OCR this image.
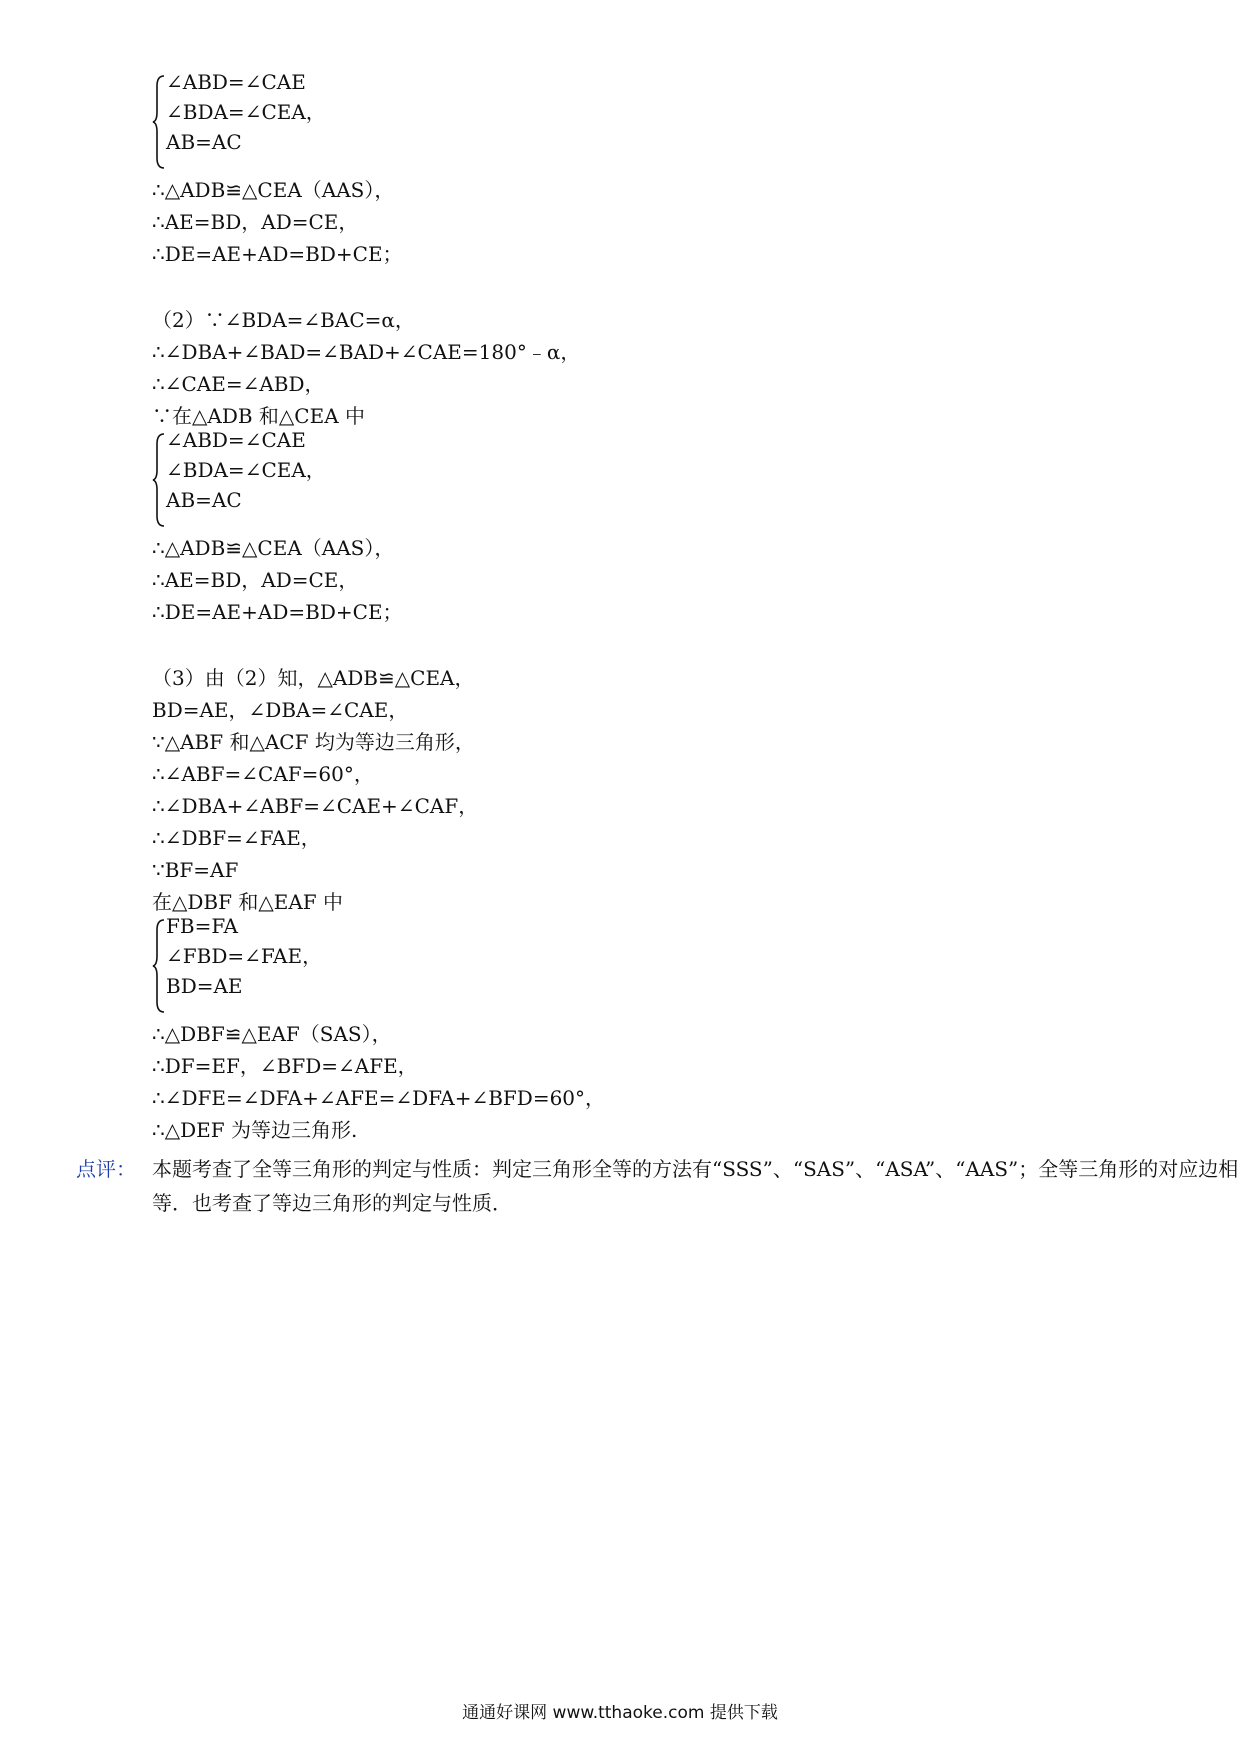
∠ABD=∠CAE
∠BDA=∠CEA，
AB=AC
∴△ADB≌△CEA（AAS），
∴AE=BD，AD=CE，
∴DE=AE+AD=BD+CE；
（2）∵∠BDA=∠BAC=α，
∴∠DBA+∠BAD=∠BAD+∠CAE=180°﹣α，
∴∠CAE=∠ABD，
∵在△ADB 和△CEA 中
∠ABD=∠CAE
∠BDA=∠CEA，
AB=AC
∴△ADB≌△CEA（AAS），
∴AE=BD，AD=CE，
∴DE=AE+AD=BD+CE；
（3）由（2）知，△ADB≌△CEA，
BD=AE，∠DBA=∠CAE，
∵△ABF 和△ACF 均为等边三角形，
∴∠ABF=∠CAF=60°，
∴∠DBA+∠ABF=∠CAE+∠CAF，
∴∠DBF=∠FAE，
∵BF=AF
在△DBF 和△EAF 中
FB=FA
∠FBD=∠FAE，
BD=AE
∴△DBF≌△EAF（SAS），
∴DF=EF，∠BFD=∠AFE，
∴∠DFE=∠DFA+∠AFE=∠DFA+∠BFD=60°，
∴△DEF 为等边三角形.
点评： 本题考查了全等三角形的判定与性质：判定三角形全等的方法有“SSS”、“SAS”、“ASA”、“AAS”；全等三角形的对应边相等．也考查了等边三角形的判定与性质．
通通好课网 www.tthaoke.com 提供下载
